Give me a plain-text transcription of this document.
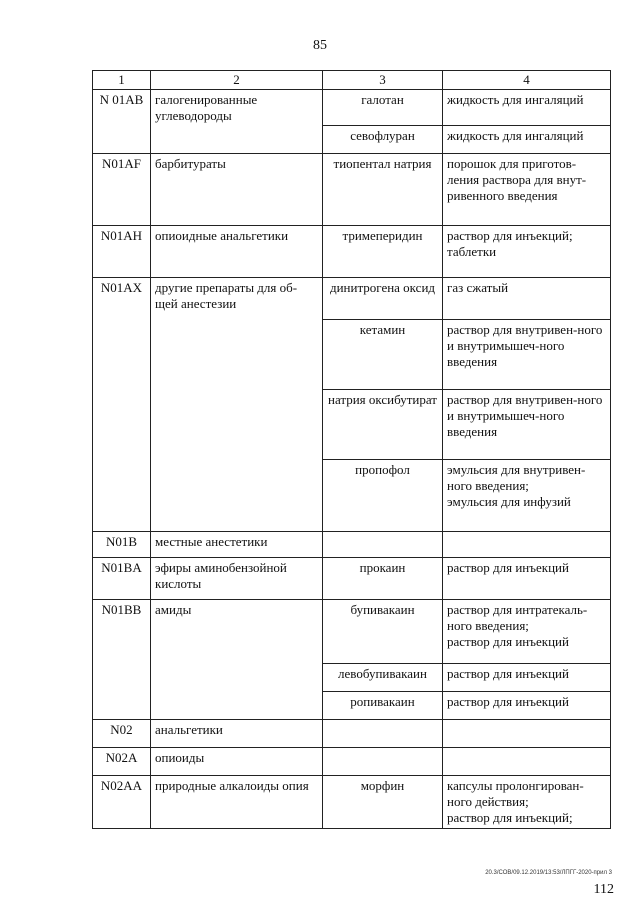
85
1	2	3	4
N 01AB	галогенированные углеводороды	галотан	жидкость для ингаляций

		севофлуран	жидкость для ингаляций

N01AF	барбитураты	тиопентал натрия	порошок для приготов-ления раствора для внут-ривенного введения

N01AH	опиоидные анальгетики	тримеперидин	раствор для инъекций;
таблетки

N01AX	другие препараты для об-щей анестезии	динитрогена оксид	газ сжатый

		кетамин	раствор для внутривен-ного и внутримышеч-ного введения

		натрия оксибутират	раствор для внутривен-ного и внутримышеч-ного введения

		пропофол	эмульсия для внутривен-ного введения;
эмульсия для инфузий

N01B	местные анестетики		
N01BA	эфиры аминобензойной кислоты	прокаин	раствор для инъекций

N01BB	амиды	бупивакаин	раствор для интратекаль-ного введения;
раствор для инъекций

		левобупивакаин	раствор для инъекций

		ропивакаин	раствор для инъекций

N02	анальгетики		
N02A	опиоиды		
N02AA	природные алкалоиды опия	морфин	капсулы пролонгирован-ного действия;
раствор для инъекций;
20.3/СОВ/09.12.2019/13:53/ЛПГГ-2020-прил 3
112
